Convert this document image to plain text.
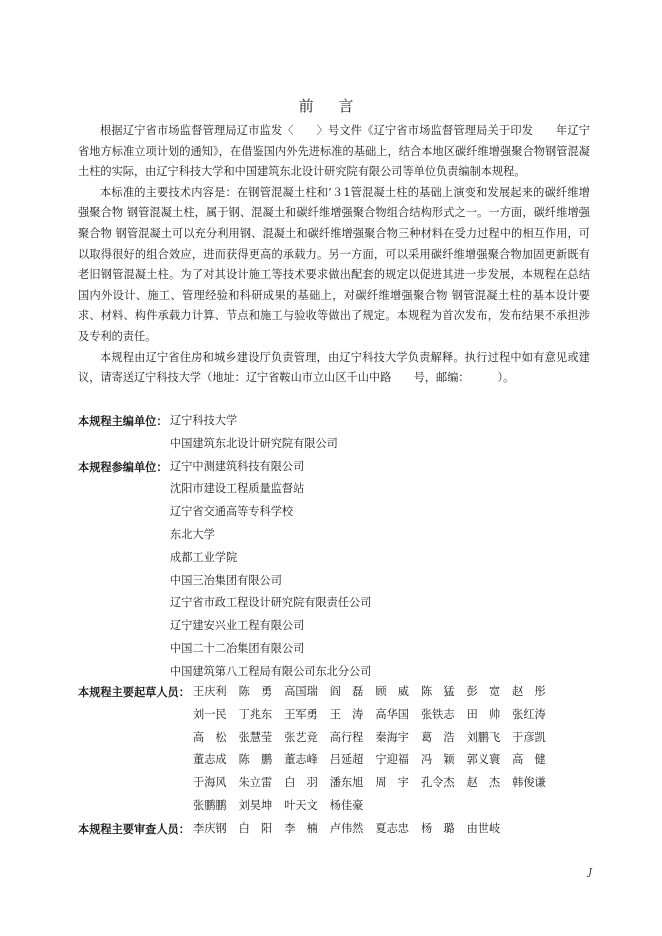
前 言

根据辽宁省市场监督管理局辽市监发〈　　〉号文件《辽宁省市场监督管理局关于印发　　年辽宁省地方标准立项计划的通知》，在借鉴国内外先进标准的基础上，结合本地区碳纤维增强聚合物钢管混凝土柱的实际，由辽宁科技大学和中国建筑东北设计研究院有限公司等单位负责编制本规程。

本标准的主要技术内容是：在钢管混凝土柱和’３1管混凝土柱的基础上演变和发展起来的碳纤维增强聚合物 钢管混凝土柱，属于钢、混凝土和碳纤维增强聚合物组合结构形式之一。一方面，碳纤维增强聚合物 钢管混凝土可以充分利用钢、混凝土和碳纤维增强聚合物三种材料在受力过程中的相互作用，可以取得很好的组合效应，进而获得更高的承载力。另一方面，可以采用碳纤维增强聚合物加固更新既有老旧钢管混凝土柱。为了对其设计施工等技术要求做出配套的规定以促进其进一步发展，本规程在总结国内外设计、施工、管理经验和科研成果的基础上，对碳纤维增强聚合物 钢管混凝土柱的基本设计要求、材料、构件承载力计算、节点和施工与验收等做出了规定。本规程为首次发布，发布结果不承担涉及专利的责任。

本规程由辽宁省住房和城乡建设厅负责管理，由辽宁科技大学负责解释。执行过程中如有意见或建议，请寄送辽宁科技大学（地址：辽宁省鞍山市立山区千山中路　　号，邮编：　　　）。

本规程主编单位： 辽宁科技大学
中国建筑东北设计研究院有限公司
本规程参编单位： 辽宁中测建筑科技有限公司
沈阳市建设工程质量监督站
辽宁省交通高等专科学校
东北大学
成都工业学院
中国三冶集团有限公司
辽宁省市政工程设计研究院有限责任公司
辽宁建安兴业工程有限公司
中国二十二冶集团有限公司
中国建筑第八工程局有限公司东北分公司
本规程主要起草人员： 王庆利 陈　勇 高国瑞 阎　磊 顾　威 陈　猛 彭　宽 赵　彤
刘一民 丁兆东 王军勇 王　涛 高华国 张铁志 田　帅 张红涛
高　松 张慧莹 张艺竞 高行程 秦海宇 葛　浩 刘鹏飞 于彦凯
董志成 陈　鹏 董志峰 吕延超 宁迎福 冯　颖 郭义寰 高　健
于海风 朱立雷 白　羽 潘东旭 周　宇 孔令杰 赵　杰 韩俊谦
张鹏鹏 刘昊坤 叶天文 杨佳豪
本规程主要审查人员： 李庆钢 白　阳 李　楠 卢伟然 夏志忠 杨　璐 由世岐
J
